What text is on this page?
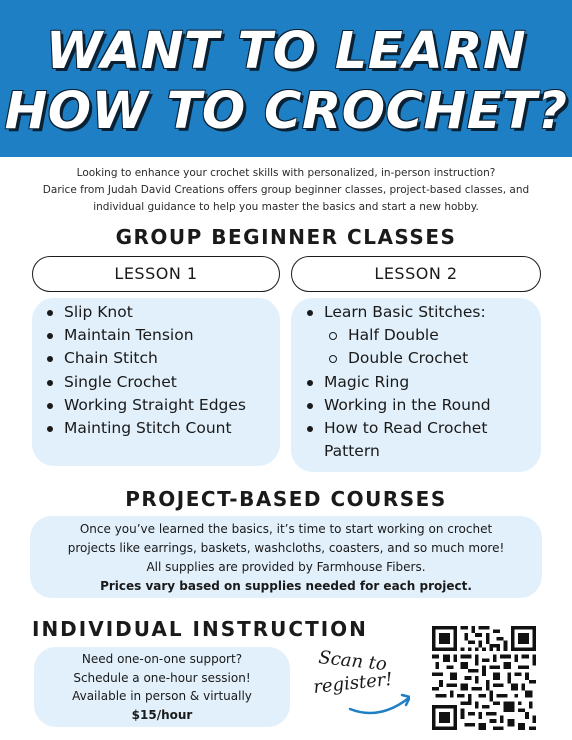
WANT TO LEARN
HOW TO CROCHET?
Looking to enhance your crochet skills with personalized, in-person instruction?
Darice from Judah David Creations offers group beginner classes, project-based classes, and
individual guidance to help you master the basics and start a new hobby.
GROUP BEGINNER CLASSES
LESSON 1	LESSON 2
Slip Knot
Maintain Tension
Chain Stitch
Single Crochet
Working Straight Edges
Mainting Stitch Count
Learn Basic Stitches:
Half Double
Double Crochet
Magic Ring
Working in the Round
How to Read Crochet
Pattern
PROJECT-BASED COURSES
Once you’ve learned the basics, it’s time to start working on crochet
projects like earrings, baskets, washcloths, coasters, and so much more!
All supplies are provided by Farmhouse Fibers.
Prices vary based on supplies needed for each project.
INDIVIDUAL INSTRUCTION
Need one-on-one support?
Schedule a one-hour session!
Available in person & virtually
$15/hour
Scan to
register!
